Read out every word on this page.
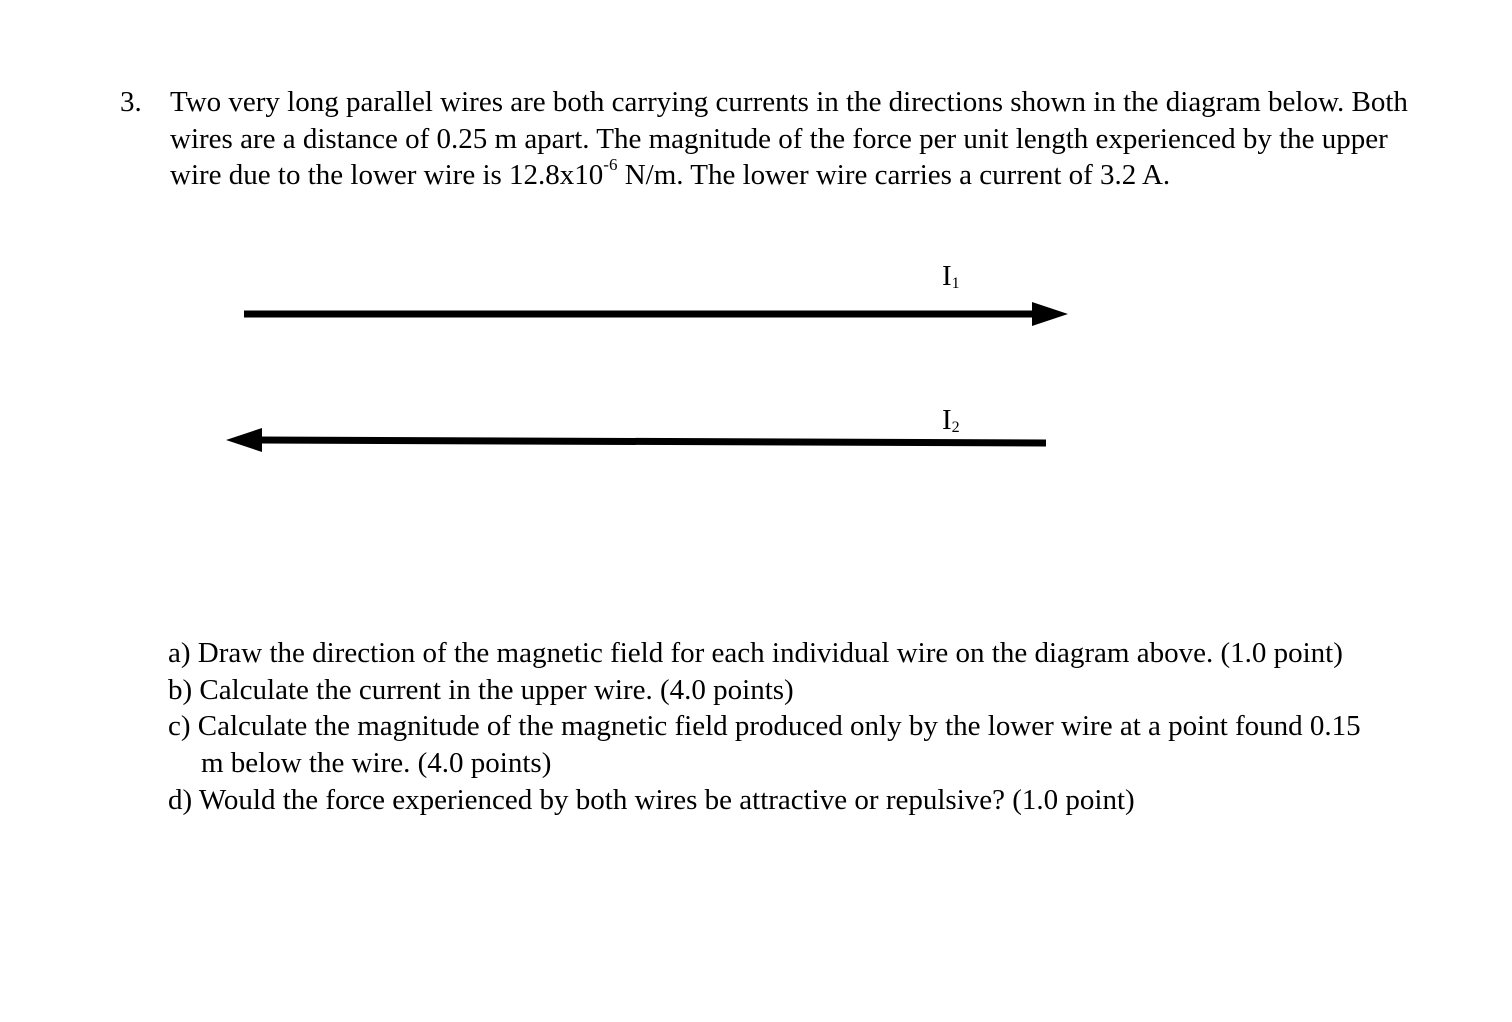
3. Two very long parallel wires are both carrying currents in the directions shown in the diagram below. Both wires are a distance of 0.25 m apart. The magnitude of the force per unit length experienced by the upper wire due to the lower wire is $12.8x10^{-6}$ N/m. The lower wire carries a current of 3.2 A.
$I_1$
$I_2$
a) Draw the direction of the magnetic field for each individual wire on the diagram above. (1.0 point)
b) Calculate the current in the upper wire. (4.0 points)
c) Calculate the magnitude of the magnetic field produced only by the lower wire at a point found 0.15 m below the wire. (4.0 points)
d) Would the force experienced by both wires be attractive or repulsive? (1.0 point)
